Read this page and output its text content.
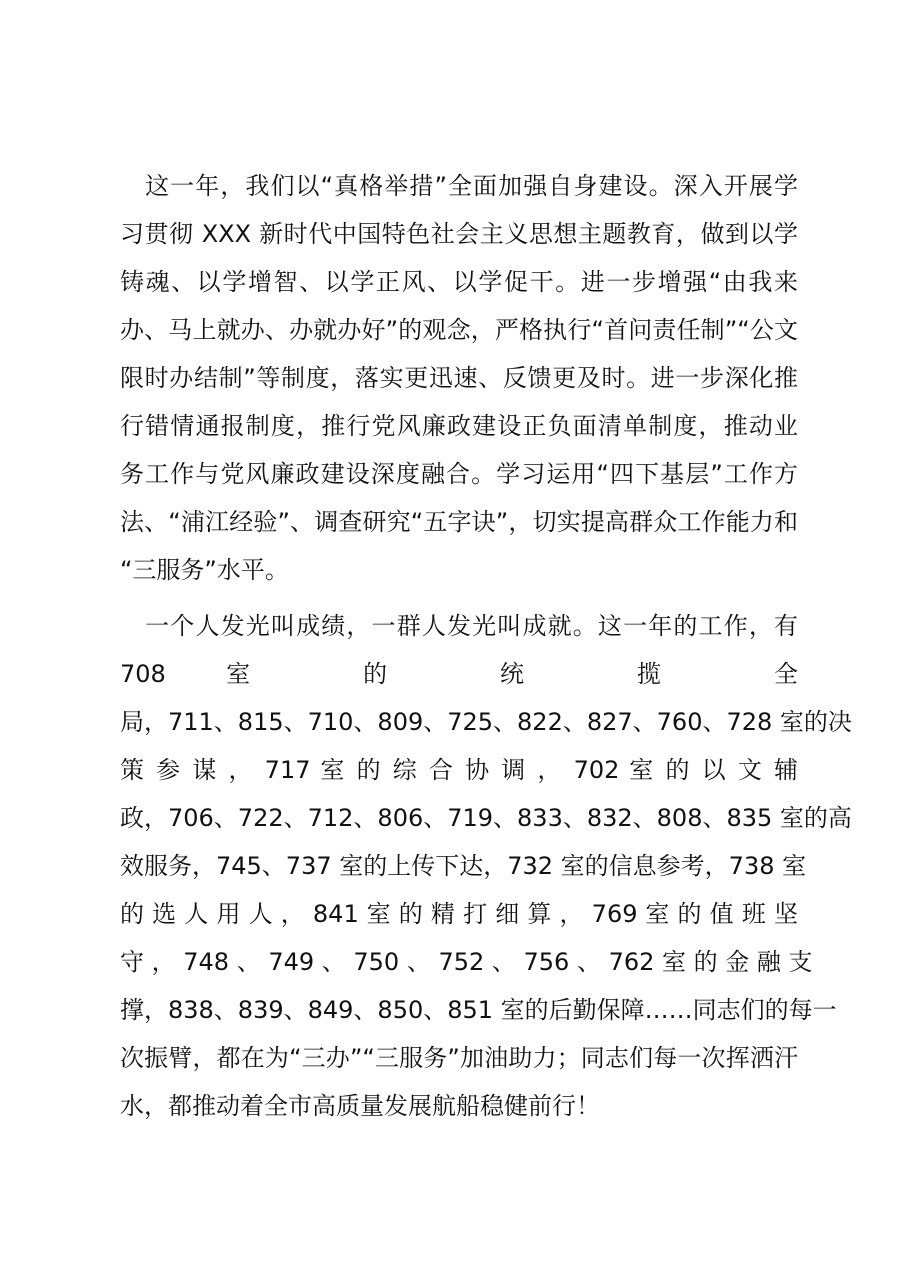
　这一年，我们以“真格举措”全面加强自身建设。深入开展学
习贯彻 XXX 新时代中国特色社会主义思想主题教育，做到以学
铸魂、以学增智、以学正风、以学促干。进一步增强“由我来
办、马上就办、办就办好”的观念，严格执行“首问责任制”“公文
限时办结制”等制度，落实更迅速、反馈更及时。进一步深化推
行错情通报制度，推行党风廉政建设正负面清单制度，推动业
务工作与党风廉政建设深度融合。学习运用“四下基层”工作方
法、“浦江经验”、调查研究“五字诀”，切实提高群众工作能力和
“三服务”水平。
　一个人发光叫成绩，一群人发光叫成就。这一年的工作，有
708 室 的 统 揽 全
局，711、815、710、809、725、822、827、760、728 室的决
策 参 谋 ， 717 室 的 综 合 协 调 ， 702 室 的 以 文 辅
政，706、722、712、806、719、833、832、808、835 室的高
效服务，745、737 室的上传下达，732 室的信息参考，738 室
的 选 人 用 人 ， 841 室 的 精 打 细 算 ， 769 室 的 值 班 坚
守 ， 748 、 749 、 750 、 752 、 756 、 762 室 的 金 融 支
撑，838、839、849、850、851 室的后勤保障……同志们的每一
次振臂，都在为“三办”“三服务”加油助力；同志们每一次挥洒汗
水，都推动着全市高质量发展航船稳健前行！
